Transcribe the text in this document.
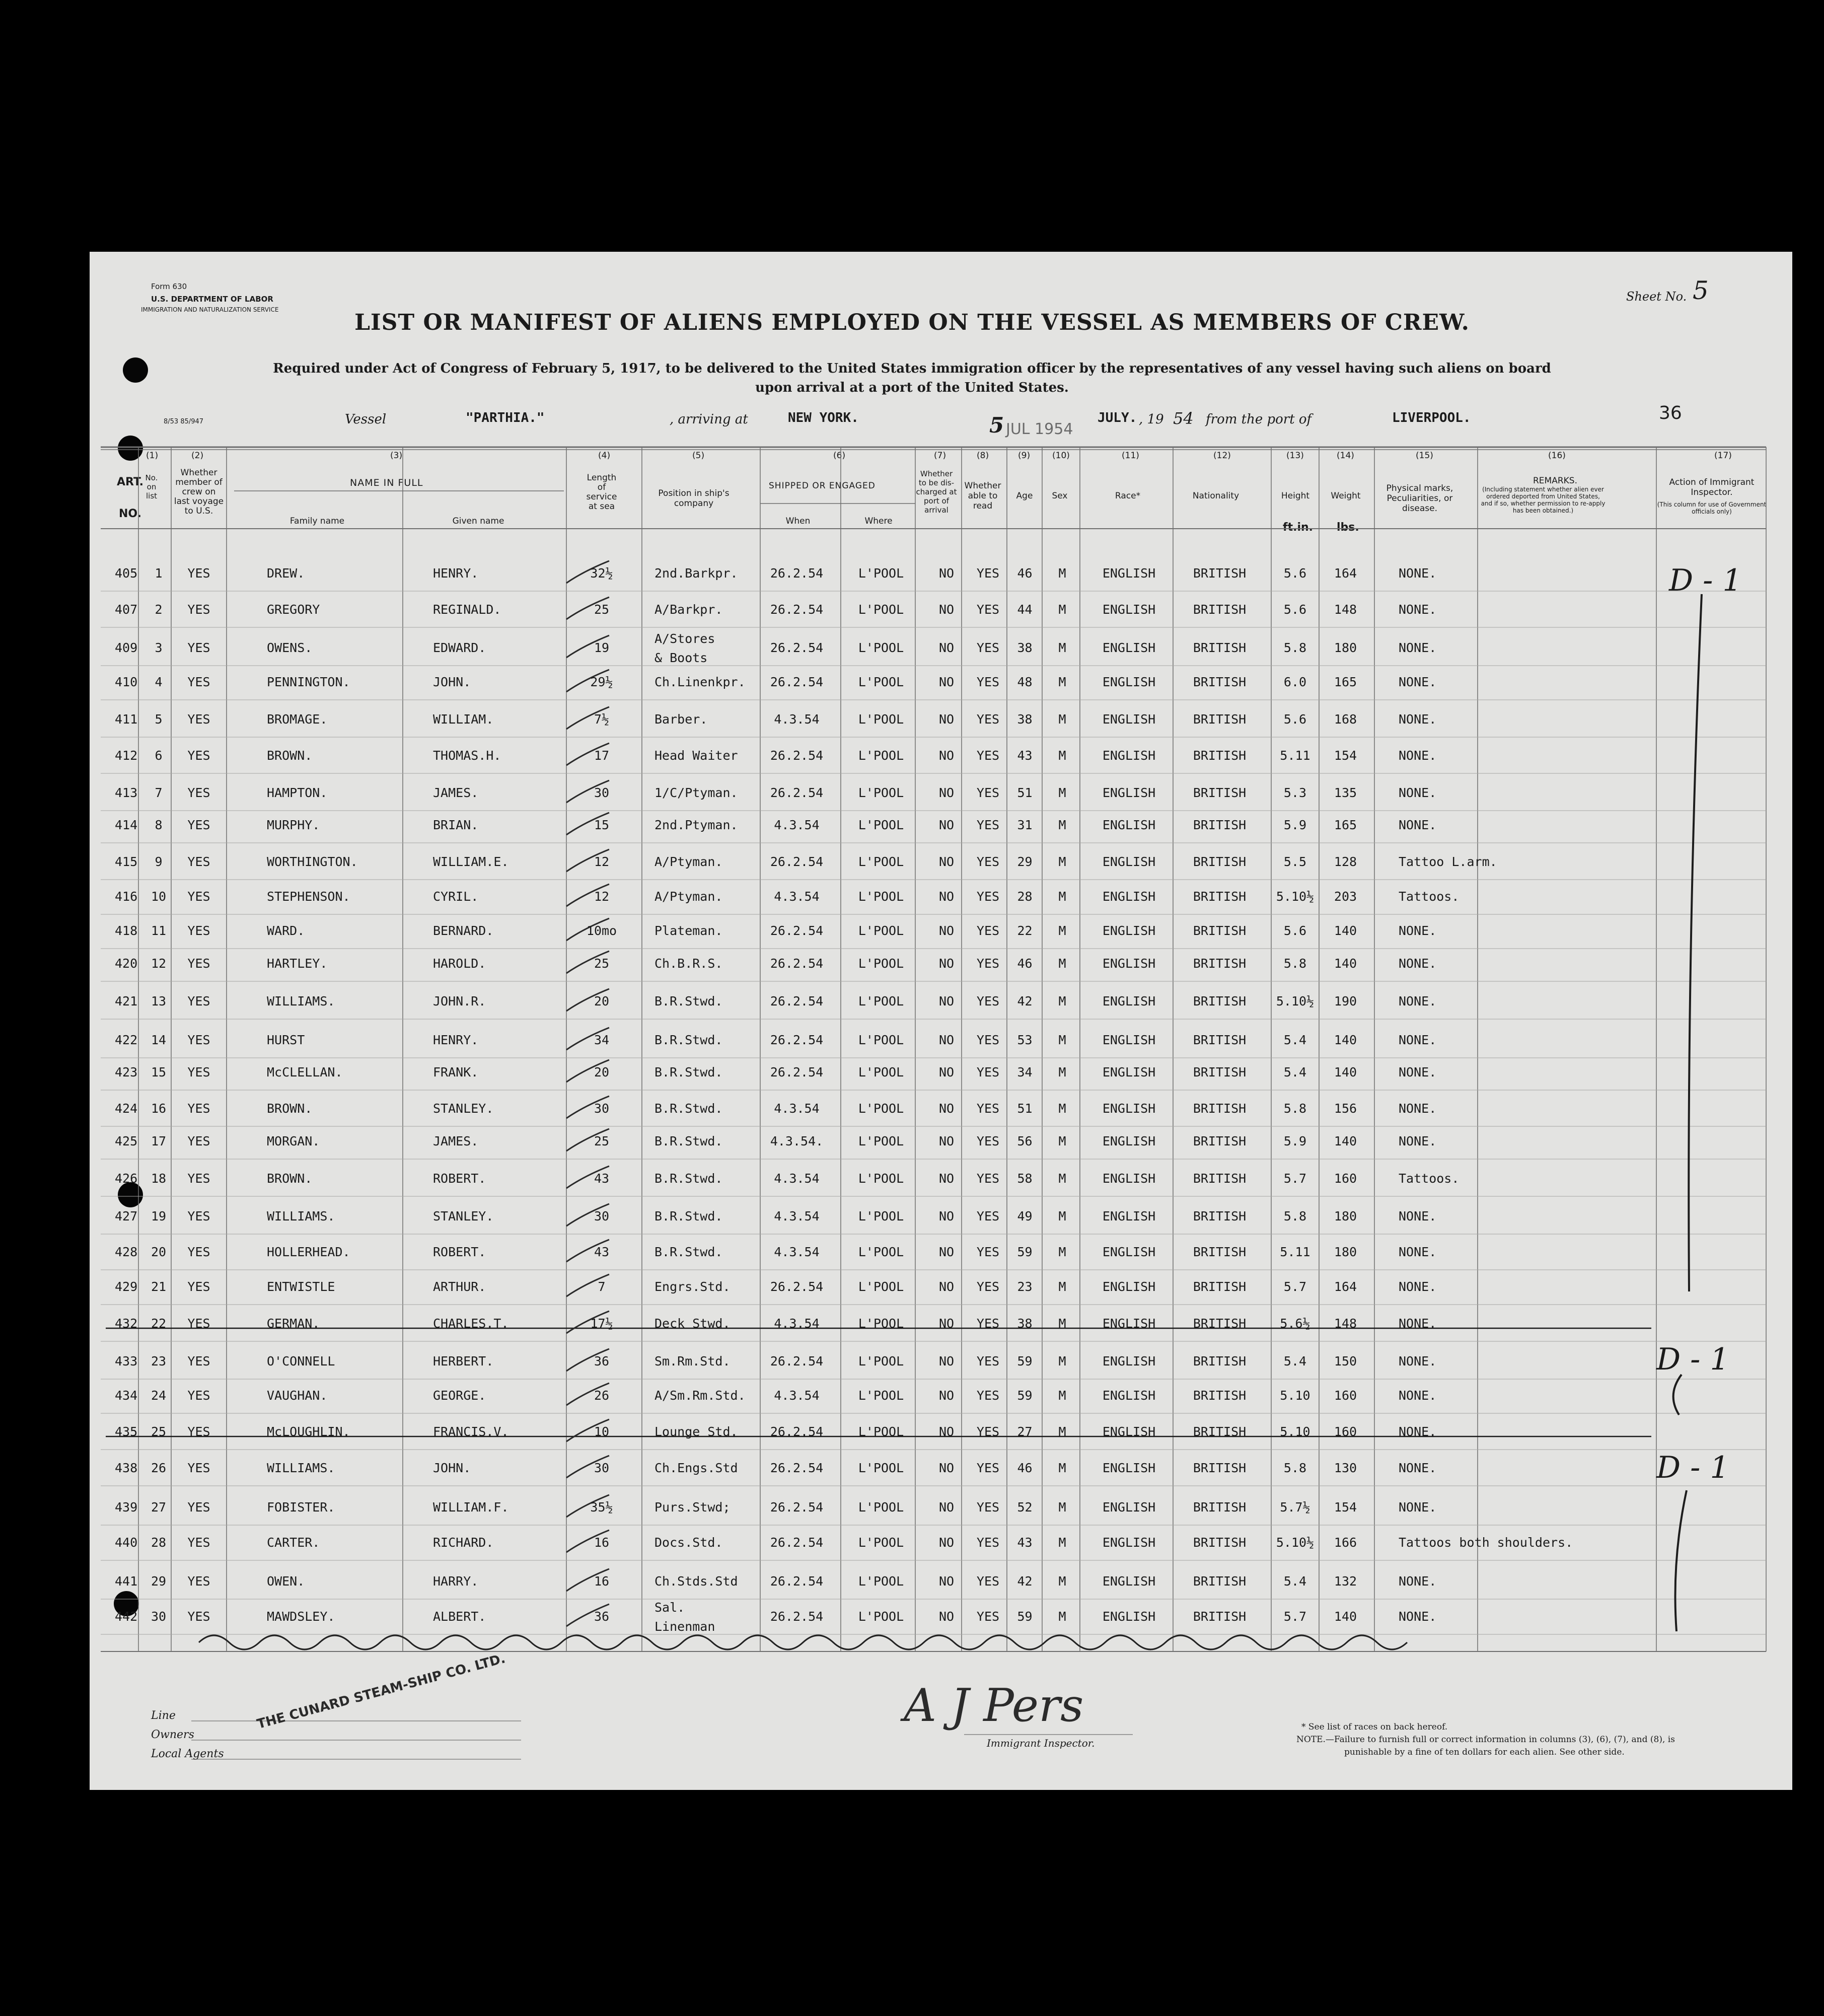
Form 630
U.S. DEPARTMENT OF LABOR
IMMIGRATION AND NATURALIZATION SERVICE
8/53 85/947
Sheet No. 5
36
LIST OR MANIFEST OF ALIENS EMPLOYED ON THE VESSEL AS MEMBERS OF CREW.
Required under Act of Congress of February 5, 1917, to be delivered to the United States immigration officer by the representatives of any vessel having such aliens on board
upon arrival at a port of the United States.
Vessel	"PARTHIA."	, arriving at	NEW YORK.	5 JUL 1954
JULY. , 19 54 from the port of	LIVERPOOL.
(1)	(2)	(3)	(4)	(5)	(6)	(7)	(8)	(9)	(10)	(11)	(12)	(13)	(14)	(15)	(16)	(17)
ART.
NO.
No. on list
Whether member of crew on last voyage to U.S.
NAME IN FULL
Family name	Given name
Length of service at sea
Position in ship's company
SHIPPED OR ENGAGED
When	Where
Whether to be dis-charged at port of arrival
Whether able to read
Age	Sex	Race*	Nationality	Height	Weight
ft.in. lbs.
Physical marks, Peculiarities, or disease.
REMARKS.
(Including statement whether alien ever ordered deported from United States, and if so, whether permission to re-apply has been obtained.)
Action of Immigrant Inspector.
(This column for use of Government officials only)
405 1 YES	DREW.	HENRY.	32½	2nd.Barkpr.	26.2.54	L'POOL	NO	YES	46	M	ENGLISH	BRITISH	5.6	164	NONE.
407 2 YES	GREGORY	REGINALD.	25	A/Barkpr.	26.2.54	L'POOL	NO	YES	44	M	ENGLISH	BRITISH	5.6	148	NONE.
409 3 YES	OWENS.	EDWARD.	19
A/Stores
& Boots
26.2.54	L'POOL	NO	YES	38	M	ENGLISH	BRITISH	5.8	180	NONE.
410 4 YES	PENNINGTON.	JOHN.	29½	Ch.Linenkpr.	26.2.54	L'POOL	NO	YES	48	M	ENGLISH	BRITISH	6.0	165	NONE.
411 5 YES	BROMAGE.	WILLIAM.	7½	Barber.	4.3.54	L'POOL	NO	YES	38	M	ENGLISH	BRITISH	5.6	168	NONE.
412 6 YES	BROWN.	THOMAS.H.	17	Head Waiter	26.2.54	L'POOL	NO	YES	43	M	ENGLISH	BRITISH	5.11	154	NONE.
413 7 YES	HAMPTON.	JAMES.	30	1/C/Ptyman.	26.2.54	L'POOL	NO	YES	51	M	ENGLISH	BRITISH	5.3	135	NONE.
414 8 YES	MURPHY.	BRIAN.	15	2nd.Ptyman.	4.3.54	L'POOL	NO	YES	31	M	ENGLISH	BRITISH	5.9	165	NONE.
415 9 YES	WORTHINGTON.	WILLIAM.E.	12	A/Ptyman.	26.2.54	L'POOL	NO	YES	29	M	ENGLISH	BRITISH	5.5	128	Tattoo L.arm.
416 10 YES	STEPHENSON.	CYRIL.	12	A/Ptyman.	4.3.54	L'POOL	NO	YES	28	M	ENGLISH	BRITISH	5.10½	203	Tattoos.
418 11 YES	WARD.	BERNARD.	10mo	Plateman.	26.2.54	L'POOL	NO	YES	22	M	ENGLISH	BRITISH	5.6	140	NONE.
420 12 YES	HARTLEY.	HAROLD.	25	Ch.B.R.S.	26.2.54	L'POOL	NO	YES	46	M	ENGLISH	BRITISH	5.8	140	NONE.
421 13 YES	WILLIAMS.	JOHN.R.	20	B.R.Stwd.	26.2.54	L'POOL	NO	YES	42	M	ENGLISH	BRITISH	5.10½	190	NONE.
422 14 YES	HURST	HENRY.	34	B.R.Stwd.	26.2.54	L'POOL	NO	YES	53	M	ENGLISH	BRITISH	5.4	140	NONE.
423 15 YES	McCLELLAN.	FRANK.	20	B.R.Stwd.	26.2.54	L'POOL	NO	YES	34	M	ENGLISH	BRITISH	5.4	140	NONE.
424 16 YES	BROWN.	STANLEY.	30	B.R.Stwd.	4.3.54	L'POOL	NO	YES	51	M	ENGLISH	BRITISH	5.8	156	NONE.
425 17 YES	MORGAN.	JAMES.	25	B.R.Stwd.	4.3.54.	L'POOL	NO	YES	56	M	ENGLISH	BRITISH	5.9	140	NONE.
426 18 YES	BROWN.	ROBERT.	43	B.R.Stwd.	4.3.54	L'POOL	NO	YES	58	M	ENGLISH	BRITISH	5.7	160	Tattoos.
427 19 YES	WILLIAMS.	STANLEY.	30	B.R.Stwd.	4.3.54	L'POOL	NO	YES	49	M	ENGLISH	BRITISH	5.8	180	NONE.
428 20 YES	HOLLERHEAD.	ROBERT.	43	B.R.Stwd.	4.3.54	L'POOL	NO	YES	59	M	ENGLISH	BRITISH	5.11	180	NONE.
429 21 YES	ENTWISTLE	ARTHUR.	7	Engrs.Std.	26.2.54	L'POOL	NO	YES	23	M	ENGLISH	BRITISH	5.7	164	NONE.
432 22 YES	GERMAN.	CHARLES.T.	17½	Deck Stwd.	4.3.54	L'POOL	NO	YES	38	M	ENGLISH	BRITISH	5.6½	148	NONE.
433 23 YES	O'CONNELL	HERBERT.	36	Sm.Rm.Std.	26.2.54	L'POOL	NO	YES	59	M	ENGLISH	BRITISH	5.4	150	NONE.
434 24 YES	VAUGHAN.	GEORGE.	26	A/Sm.Rm.Std.	4.3.54	L'POOL	NO	YES	59	M	ENGLISH	BRITISH	5.10	160	NONE.
435 25 YES	McLOUGHLIN.	FRANCIS.V.	10	Lounge Std.	26.2.54	L'POOL	NO	YES	27	M	ENGLISH	BRITISH	5.10	160	NONE.
438 26 YES	WILLIAMS.	JOHN.	30	Ch.Engs.Std	26.2.54	L'POOL	NO	YES	46	M	ENGLISH	BRITISH	5.8	130	NONE.
439 27 YES	FOBISTER.	WILLIAM.F.	35½	Purs.Stwd;	26.2.54	L'POOL	NO	YES	52	M	ENGLISH	BRITISH	5.7½	154	NONE.
440 28 YES	CARTER.	RICHARD.	16	Docs.Std.	26.2.54	L'POOL	NO	YES	43	M	ENGLISH	BRITISH	5.10½	166	Tattoos both shoulders.
441 29 YES	OWEN.	HARRY.	16	Ch.Stds.Std	26.2.54	L'POOL	NO	YES	42	M	ENGLISH	BRITISH	5.4	132	NONE.
442 30 YES	MAWDSLEY.	ALBERT.	36
Sal.
Linenman
26.2.54	L'POOL	NO	YES	59	M	ENGLISH	BRITISH	5.7	140	NONE.
D - 1
D - 1
D - 1
Line
Owners
Local Agents
THE CUNARD STEAM-SHIP CO. LTD.	A J Pers
Immigrant Inspector.
* See list of races on back hereof.
NOTE.—Failure to furnish full or correct information in columns (3), (6), (7), and (8), is
punishable by a fine of ten dollars for each alien. See other side.
